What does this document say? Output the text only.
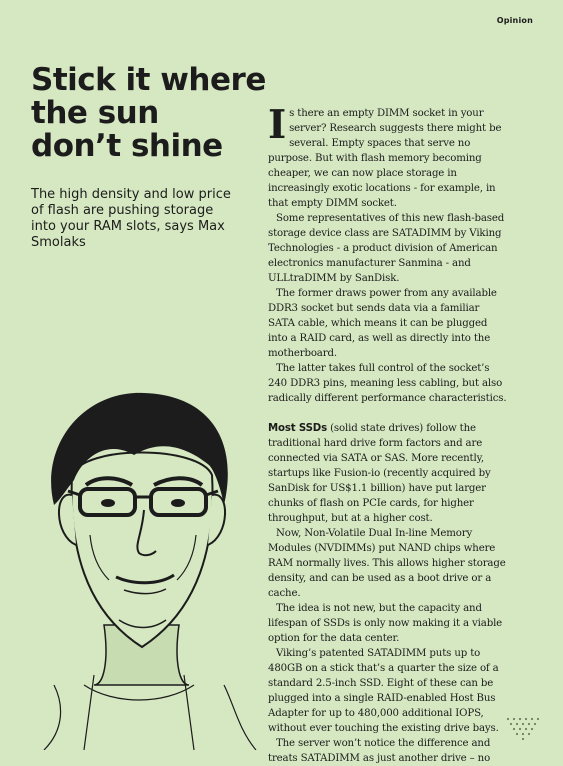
Opinion
Stick it where
the sun
don’t shine
The high density and low price of flash are pushing storage into your RAM slots, says Max Smolaks

Is there an empty DIMM socket in your server? Research suggests there might be several. Empty spaces that serve no purpose. But with flash memory becoming cheaper, we can now place storage in increasingly exotic locations - for example, in that empty DIMM socket.

Some representatives of this new flash-based storage device class are SATADIMM by Viking Technologies - a product division of American electronics manufacturer Sanmina - and ULLtraDIMM by SanDisk.

The former draws power from any available DDR3 socket but sends data via a familiar SATA cable, which means it can be plugged into a RAID card, as well as directly into the motherboard.

The latter takes full control of the socket’s 240 DDR3 pins, meaning less cabling, but also radically different performance characteristics.

Most SSDs (solid state drives) follow the traditional hard drive form factors and are connected via SATA or SAS. More recently, startups like Fusion-io (recently acquired by SanDisk for US$1.1 billion) have put larger chunks of flash on PCIe cards, for higher throughput, but at a higher cost.

Now, Non-Volatile Dual In-line Memory Modules (NVDIMMs) put NAND chips where RAM normally lives. This allows higher storage density, and can be used as a boot drive or a cache.

The idea is not new, but the capacity and lifespan of SSDs is only now making it a viable option for the data center.

Viking’s patented SATADIMM puts up to 480GB on a stick that’s a quarter the size of a standard 2.5-inch SSD. Eight of these can be plugged into a single RAID-enabled Host Bus Adapter for up to 480,000 additional IOPS, without ever touching the existing drive bays.

The server won’t notice the difference and treats SATADIMM as just another drive – no
